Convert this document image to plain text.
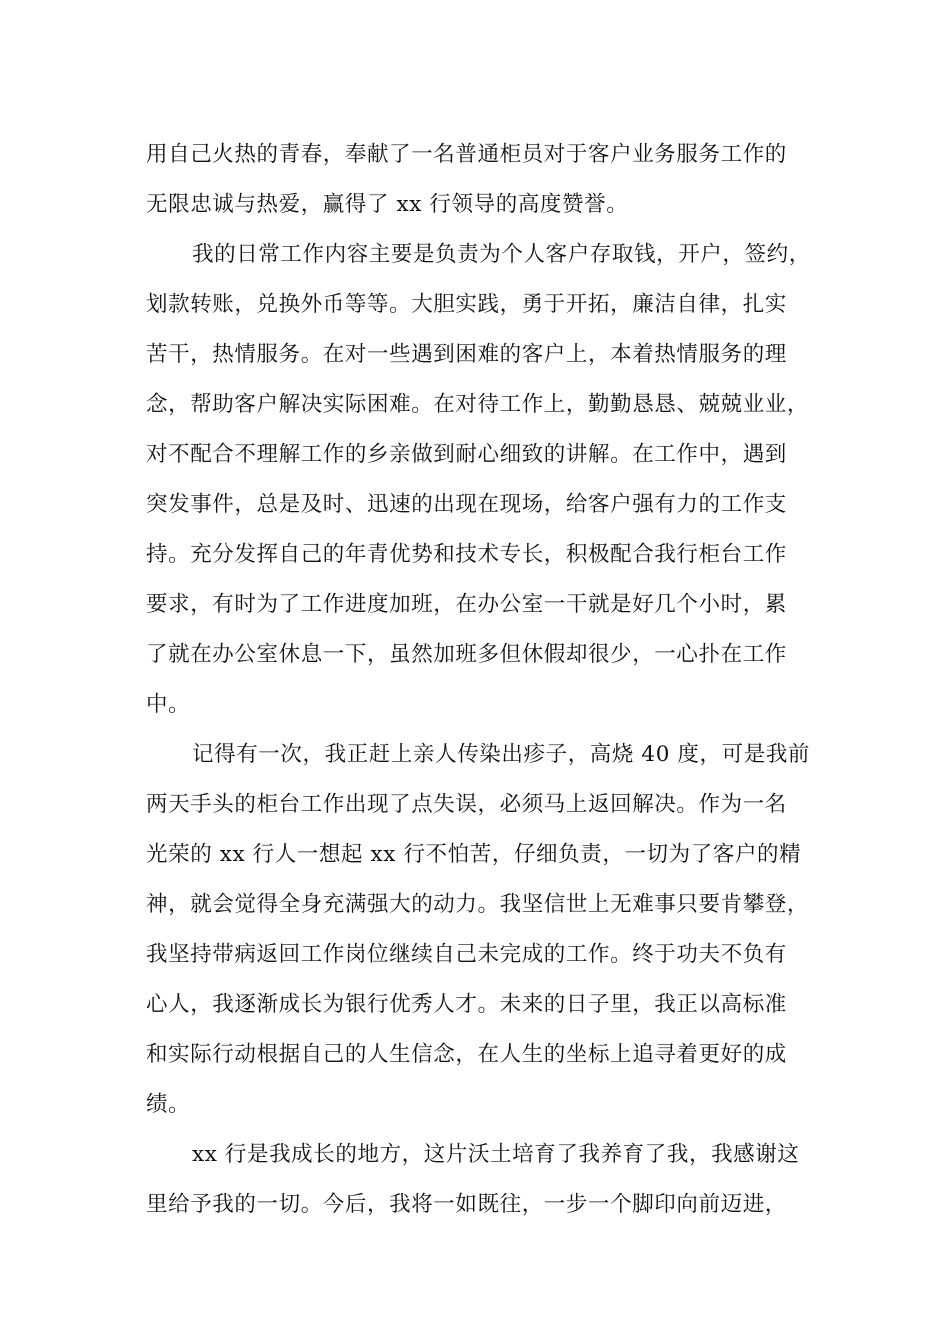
用自己火热的青春，奉献了一名普通柜员对于客户业务服务工作的
无限忠诚与热爱，赢得了 xx 行领导的高度赞誉。
我的日常工作内容主要是负责为个人客户存取钱，开户，签约，
划款转账，兑换外币等等。大胆实践，勇于开拓，廉洁自律，扎实
苦干，热情服务。在对一些遇到困难的客户上，本着热情服务的理
念，帮助客户解决实际困难。在对待工作上，勤勤恳恳、兢兢业业，
对不配合不理解工作的乡亲做到耐心细致的讲解。在工作中，遇到
突发事件，总是及时、迅速的出现在现场，给客户强有力的工作支
持。充分发挥自己的年青优势和技术专长，积极配合我行柜台工作
要求，有时为了工作进度加班，在办公室一干就是好几个小时，累
了就在办公室休息一下，虽然加班多但休假却很少，一心扑在工作
中。
记得有一次，我正赶上亲人传染出疹子，高烧 40 度，可是我前
两天手头的柜台工作出现了点失误，必须马上返回解决。作为一名
光荣的 xx 行人一想起 xx 行不怕苦，仔细负责，一切为了客户的精
神，就会觉得全身充满强大的动力。我坚信世上无难事只要肯攀登，
我坚持带病返回工作岗位继续自己未完成的工作。终于功夫不负有
心人，我逐渐成长为银行优秀人才。未来的日子里，我正以高标准
和实际行动根据自己的人生信念，在人生的坐标上追寻着更好的成
绩。
xx 行是我成长的地方，这片沃土培育了我养育了我，我感谢这
里给予我的一切。今后，我将一如既往，一步一个脚印向前迈进，
